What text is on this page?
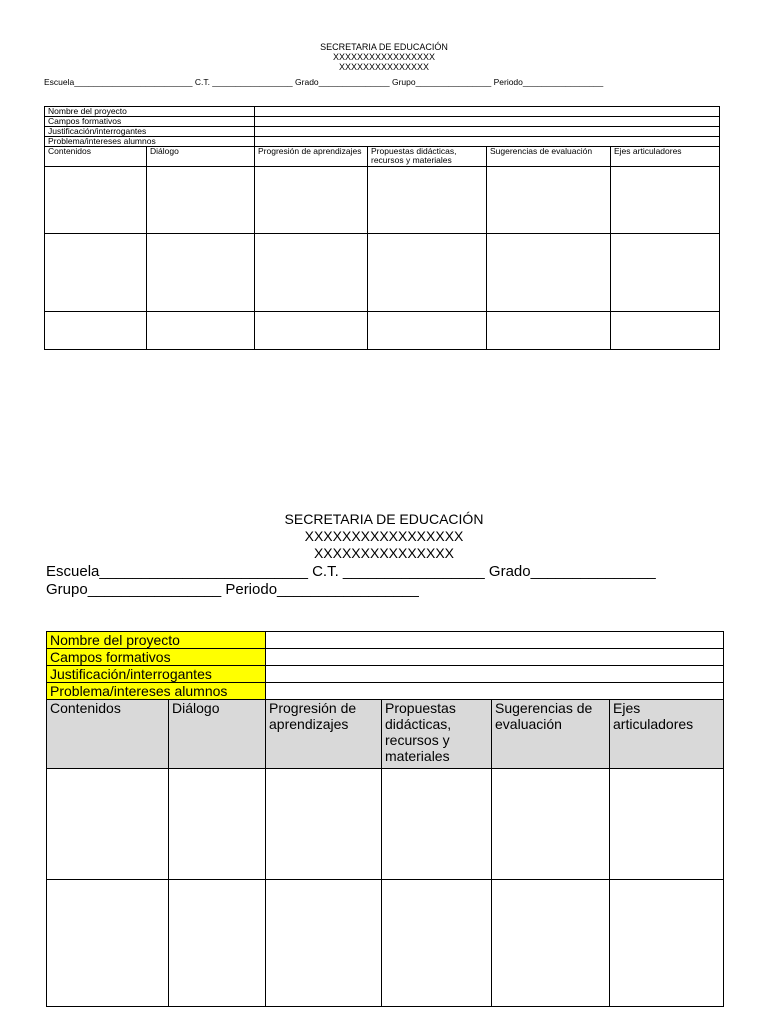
SECRETARIA DE EDUCACIÓN
XXXXXXXXXXXXXXXXX
XXXXXXXXXXXXXXX
Escuela_________________________ C.T. _________________ Grado_______________ Grupo________________ Periodo_________________
Nombre del proyecto					
Campos formativos					
Justificación/interrogantes					
Problema/intereses alumnos					
Contenidos	Diálogo	Progresión de aprendizajes	Propuestas didácticas, recursos y materiales	Sugerencias de evaluación	Ejes articuladores

SECRETARIA DE EDUCACIÓN
XXXXXXXXXXXXXXXXX
XXXXXXXXXXXXXXX
Escuela_________________________ C.T. _________________ Grado_______________
Grupo________________ Periodo_________________
Nombre del proyecto					
Campos formativos					
Justificación/interrogantes					
Problema/intereses alumnos					
Contenidos	Diálogo	Progresión de aprendizajes	Propuestas didácticas, recursos y materiales	Sugerencias de evaluación	Ejes articuladores
